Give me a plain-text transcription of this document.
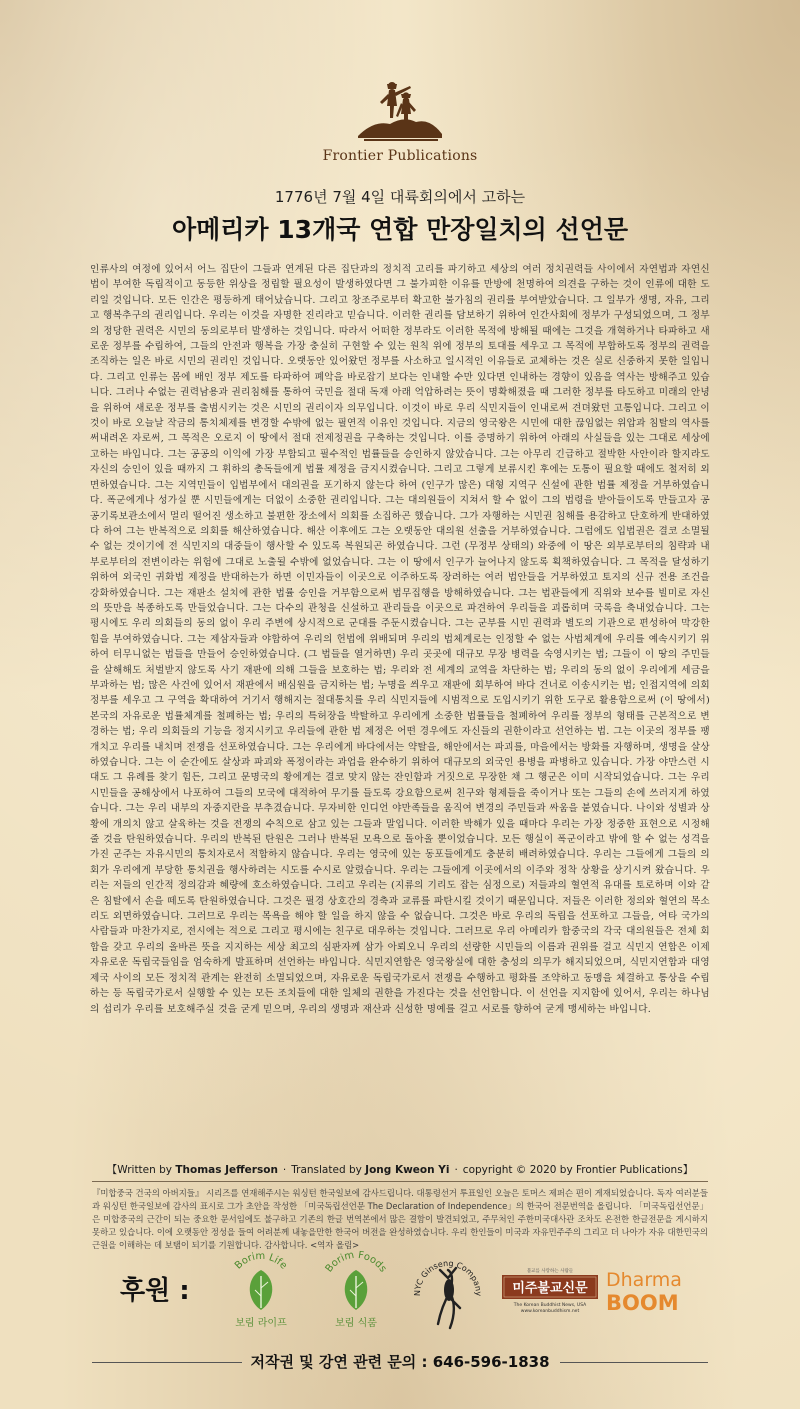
Frontier Publications
1776년 7월 4일 대륙회의에서 고하는
아메리카 13개국 연합 만장일치의 선언문
인류사의 여정에 있어서 어느 집단이 그들과 연계된 다른 집단과의 정치적 고리를 파기하고 세상의 여러 정치권력들 사이에서 자연법과 자연신법이 부여한 독립적이고 동등한 위상을 정립할 필요성이 발생하였다면 그 불가피한 이유를 만방에 천명하여 의견을 구하는 것이 인류에 대한 도리일 것입니다. 모든 인간은 평등하게 태어났습니다. 그리고 창조주로부터 확고한 불가침의 권리를 부여받았습니다. 그 일부가 생명, 자유, 그리고 행복추구의 권리입니다. 우리는 이것을 자명한 진리라고 믿습니다. 이러한 권리를 담보하기 위하여 인간사회에 정부가 구성되었으며, 그 정부의 정당한 권력은 시민의 동의로부터 발생하는 것입니다. 따라서 어떠한 정부라도 이러한 목적에 방해될 때에는 그것을 개혁하거나 타파하고 새로운 정부를 수립하여, 그들의 안전과 행복을 가장 충실히 구현할 수 있는 원칙 위에 정부의 토대를 세우고 그 목적에 부합하도록 정부의 권력을 조직하는 일은 바로 시민의 권리인 것입니다. 오랫동안 있어왔던 정부를 사소하고 일시적인 이유들로 교체하는 것은 실로 신중하지 못한 일입니다. 그리고 인류는 몸에 배인 정부 제도를 타파하여 폐악을 바로잡기 보다는 인내할 수만 있다면 인내하는 경향이 있음을 역사는 방해주고 있습니다. 그러나 수없는 권력남용과 권리침해를 통하여 국민을 절대 독재 아래 억압하려는 뜻이 명확해졌을 때 그러한 정부를 타도하고 미래의 안녕을 위하여 새로운 정부를 출범시키는 것은 시민의 권리이자 의무입니다. 이것이 바로 우리 식민지들이 인내로써 견뎌왔던 고통입니다. 그리고 이것이 바로 오늘날 작금의 통치체제를 변경할 수밖에 없는 필연적 이유인 것입니다. 지금의 영국왕은 시민에 대한 끊임없는 위압과 침탈의 역사를 써내려온 자로써, 그 목적은 오로지 이 땅에서 절대 전제정권을 구축하는 것입니다. 이를 증명하기 위하여 아래의 사실들을 있는 그대로 세상에 고하는 바입니다. 그는 공공의 이익에 가장 부합되고 필수적인 법률들을 승인하지 않았습니다. 그는 아무리 긴급하고 절박한 사안이라 할지라도 자신의 승인이 있을 때까지 그 휘하의 총독들에게 법률 제정을 금지시켰습니다. 그리고 그렇게 보류시킨 후에는 도통이 필요할 때에도 철저히 외면하였습니다. 그는 지역민들이 입법부에서 대의권을 포기하지 않는다 하여 (인구가 많은) 대형 지역구 신설에 관한 법률 제정을 거부하였습니다. 폭군에게나 성가실 뿐 시민들에게는 더없이 소중한 권리입니다. 그는 대의원들이 지쳐서 할 수 없이 그의 법령을 받아들이도록 만들고자 공공기록보관소에서 멀리 떨어진 생소하고 불편한 장소에서 의회를 소집하곤 했습니다. 그가 자행하는 시민권 침해를 용감하고 단호하게 반대하였다 하여 그는 반복적으로 의회를 해산하였습니다. 해산 이후에도 그는 오랫동안 대의원 선출을 거부하였습니다. 그럼에도 입법권은 결코 소멸될 수 없는 것이기에 전 식민지의 대중들이 행사할 수 있도록 복원되곤 하였습니다. 그런 (무정부 상태의) 와중에 이 땅은 외부로부터의 침략과 내부로부터의 전변이라는 위험에 그대로 노출될 수밖에 없었습니다. 그는 이 땅에서 인구가 늘어나지 않도록 획책하였습니다. 그 목적을 달성하기 위하여 외국인 귀화법 제정을 반대하는가 하면 이민자들이 이곳으로 이주하도록 장려하는 여러 법안들을 거부하였고 토지의 신규 전용 조건을 강화하였습니다. 그는 재판소 설치에 관한 법률 승인을 거부함으로써 법무집행을 방해하였습니다. 그는 법관들에게 직위와 보수를 빌미로 자신의 뜻만을 복종하도록 만들었습니다. 그는 다수의 관청을 신설하고 관리들을 이곳으로 파견하여 우리들을 괴롭히며 국록을 축내었습니다. 그는 평시에도 우리 의회들의 동의 없이 우리 주변에 상시적으로 군대를 주둔시켰습니다. 그는 군부를 시민 권력과 별도의 기관으로 편성하여 막강한 힘을 부여하였습니다. 그는 제삼자들과 야합하여 우리의 헌법에 위배되며 우리의 법체계로는 인정할 수 없는 사법체계에 우리를 예속시키기 위하여 터무니없는 법들을 만들어 승인하였습니다. (그 법들을 열거하면) 우리 곳곳에 대규모 무장 병력을 숙영시키는 법; 그들이 이 땅의 주민들을 살해해도 처벌받지 않도록 사기 재판에 의해 그들을 보호하는 법; 우리와 전 세계의 교역을 차단하는 법; 우리의 동의 없이 우리에게 세금을 부과하는 법; 많은 사건에 있어서 재판에서 배심원을 금지하는 법; 누명을 씌우고 재판에 회부하여 바다 건너로 이송시키는 법; 인접지역에 의회정부를 세우고 그 구역을 확대하여 거기서 행해지는 절대통치를 우리 식민지들에 시범적으로 도입시키기 위한 도구로 활용함으로써 (이 땅에서) 본국의 자유로운 법률체계를 철폐하는 법; 우리의 특허장을 박탈하고 우리에게 소중한 법률들을 철폐하여 우리를 정부의 형태를 근본적으로 변경하는 법; 우리 의회들의 기능을 정지시키고 우리들에 관한 법 제정은 어떤 경우에도 자신들의 권한이라고 선언하는 법. 그는 이곳의 정부를 팽개치고 우리를 내치며 전쟁을 선포하였습니다. 그는 우리에게 바다에서는 약탈을, 해안에서는 파괴를, 마을에서는 방화를 자행하며, 생명을 살상하였습니다. 그는 이 순간에도 살상과 파괴와 폭정이라는 과업을 완수하기 위하여 대규모의 외국인 용병을 파병하고 있습니다. 가장 야만스런 시대도 그 유례를 찾기 힘든, 그리고 문명국의 황에게는 결코 맞지 않는 잔인함과 거짓으로 무장한 채 그 행군은 이미 시작되었습니다. 그는 우리 시민들을 공해상에서 나포하여 그들의 모국에 대적하여 무기를 들도록 강요함으로써 친구와 형제들을 죽이거나 또는 그들의 손에 쓰러지게 하였습니다. 그는 우리 내부의 자중지란을 부추겼습니다. 무자비한 인디언 야만족들을 움직여 변경의 주민들과 싸움을 붙였습니다. 나이와 성별과 상황에 개의치 않고 살육하는 것을 전쟁의 수칙으로 삼고 있는 그들과 말입니다. 이러한 박해가 있을 때마다 우리는 가장 정중한 표현으로 시정해줄 것을 탄원하였습니다. 우리의 반복된 탄원은 그러나 반복된 모욕으로 돌아올 뿐이었습니다. 모든 행실이 폭군이라고 밖에 할 수 없는 성격을 가진 군주는 자유시민의 통치자로서 적합하지 않습니다. 우리는 영국에 있는 동포들에게도 충분히 배려하였습니다. 우리는 그들에게 그들의 의회가 우리에게 부당한 통치권을 행사하려는 시도를 수시로 알렸습니다. 우리는 그들에게 이곳에서의 이주와 정착 상황을 상기시켜 왔습니다. 우리는 저들의 인간적 정의감과 혜량에 호소하였습니다. 그리고 우리는 (지류의 기리도 잡는 심정으로) 저들과의 혈연적 유대를 토로하며 이와 같은 침탈에서 손을 떼도록 탄원하였습니다. 그것은 필경 상호간의 경축과 교류를 파탄시킬 것이기 때문입니다. 저들은 이러한 정의와 혈연의 목소리도 외면하였습니다. 그러므로 우리는 목욕을 해야 할 일을 하지 않을 수 없습니다. 그것은 바로 우리의 독립을 선포하고 그들을, 여타 국가의 사람들과 마찬가지로, 전시에는 적으로 그리고 평시에는 친구로 대우하는 것입니다. 그러므로 우리 아메리카 합중국의 각국 대의원들은 전체 회합을 갖고 우리의 올바른 뜻을 지지하는 세상 최고의 심판자께 삼가 아뢰오니 우리의 선량한 시민들의 이름과 권위를 걸고 식민지 연합은 이제 자유로운 독립국들임을 엄숙하게 발표하며 선언하는 바입니다. 식민지연합은 영국왕실에 대한 충성의 의무가 해지되었으며, 식민지연합과 대영제국 사이의 모든 정치적 관계는 완전히 소멸되었으며, 자유로운 독립국가로서 전쟁을 수행하고 평화를 조약하고 동맹을 체결하고 통상을 수립하는 등 독립국가로서 실행할 수 있는 모든 조치들에 대한 일체의 권한을 가진다는 것을 선언합니다. 이 선언을 지지함에 있어서, 우리는 하나님의 섭리가 우리를 보호해주실 것을 굳게 믿으며, 우리의 생명과 재산과 신성한 명예를 걸고 서로를 향하여 굳게 맹세하는 바입니다.
【Written by Thomas Jefferson · Translated by Jong Kweon Yi · copyright © 2020 by Frontier Publications】
『미합중국 건국의 아버지들』 시리즈를 연재해주시는 워싱턴 한국일보에 감사드립니다. 대통령선거 투표일인 오늘은 토머스 제퍼슨 편이 게재되었습니다. 독자 여러분들과 워싱턴 한국일보에 감사의 표시로 그가 초안을 작성한 「미국독립선언문 The Declaration of Independence」의 한국어 전문번역을 올립니다. 「미국독립선언문」은 미합중국의 근간이 되는 중요한 문서임에도 불구하고 기존의 한글 번역본에서 많은 결함이 발견되었고, 주무처인 주한미국대사관 조차도 온전한 한글전문을 게시하지 못하고 있습니다. 이에 오랫동안 정성을 들여 어려분께 내놓을만한 한국어 버전을 완성하였습니다. 우리 한인들이 미국과 자유민주주의 그리고 더 나아가 자유 대한민국의 근원을 이해하는 데 보탬이 되기를 기원합니다. 감사합니다. <역자 올림>
후원 :
Borim Life
보림 라이프
Borim Foods
보림 식품
NYC Ginseng Company
불교를 사랑하는 사람들
미주불교신문
The Korean Buddhist News, USA
www.koreanbuddhism.net
Dharma
BOOM
저작권 및 강연 관련 문의 : 646-596-1838
